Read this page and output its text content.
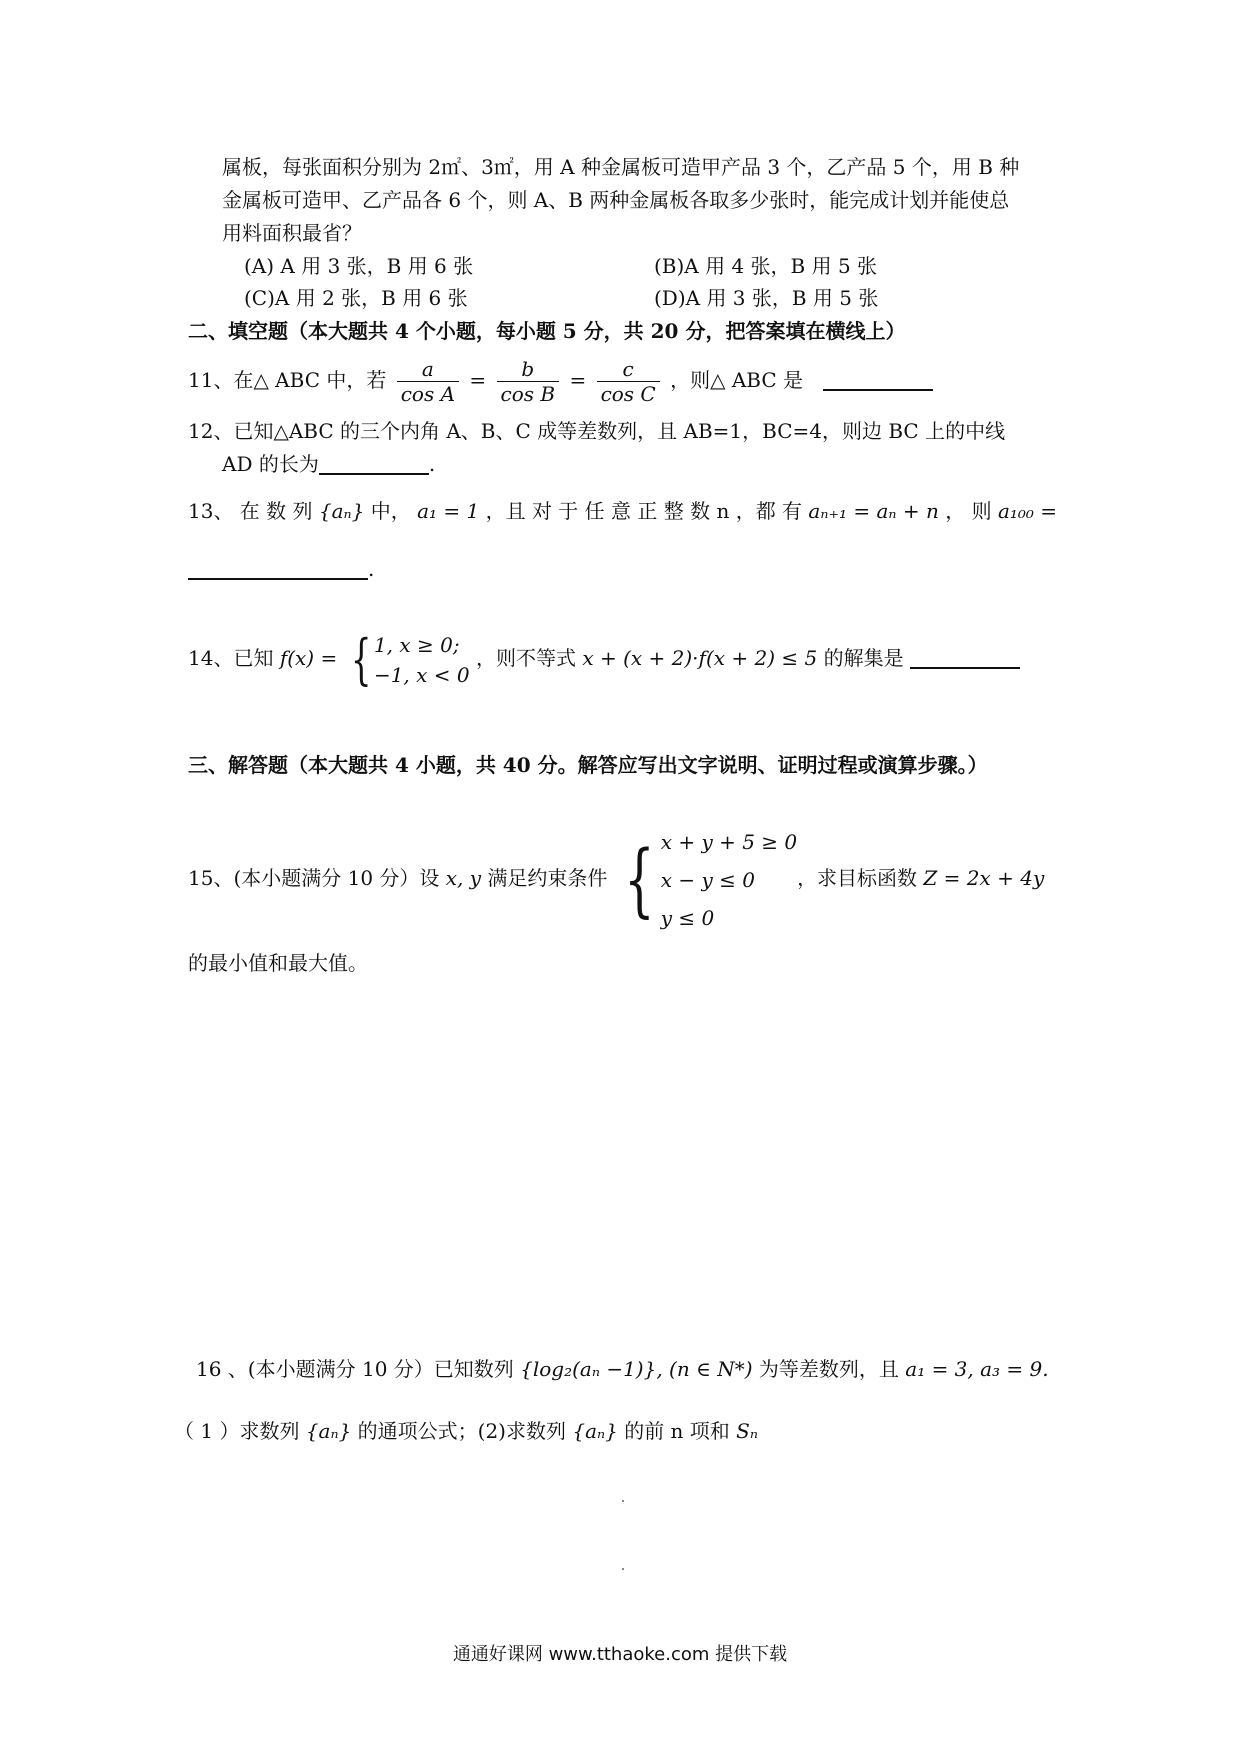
属板，每张面积分别为 2㎡、3㎡，用 A 种金属板可造甲产品 3 个，乙产品 5 个，用 B 种
金属板可造甲、乙产品各 6 个，则 A、B 两种金属板各取多少张时，能完成计划并能使总
用料面积最省？
(A) A 用 3 张，B 用 6 张	(B)A 用 4 张，B 用 5 张
(C)A 用 2 张，B 用 6 张	(D)A 用 3 张，B 用 5 张
二、填空题（本大题共 4 个小题，每小题 5 分，共 20 分，把答案填在横线上）
11、在△ ABC 中，若 $\frac{a}{\text{cos A}} = \frac{b}{\text{cos B}} = \frac{c}{\text{cos C}}$ ，则△ ABC 是
12、已知△ABC 的三个内角 A、B、C 成等差数列，且 AB=1，BC=4，则边 BC 上的中线
AD 的长为	.
13、 在 数 列 {aₙ} 中， a₁ = 1 ，且 对 于 任 意 正 整 数 n ，都 有 aₙ₊₁ = aₙ + n ， 则 a₁₀₀ =
.
14、已知 f(x) = { 1, x ≥ 0;
−1, x < 0
，则不等式 x + (x + 2)·f(x + 2) ≤ 5 的解集是
三、解答题（本大题共 4 小题，共 40 分。解答应写出文字说明、证明过程或演算步骤。）
15、(本小题满分 10 分）设 x, y 满足约束条件 { x + y + 5 ≥ 0
x − y ≤ 0
y ≤ 0
，求目标函数 Z = 2x + 4y
的最小值和最大值。
16 、(本小题满分 10 分）已知数列 {log₂(aₙ −1)}, (n ∈ N*) 为等差数列，且 a₁ = 3, a₃ = 9.
（ 1 ）求数列 {aₙ} 的通项公式；(2)求数列 {aₙ} 的前 n 项和 Sₙ
通通好课网 www.tthaoke.com 提供下载
